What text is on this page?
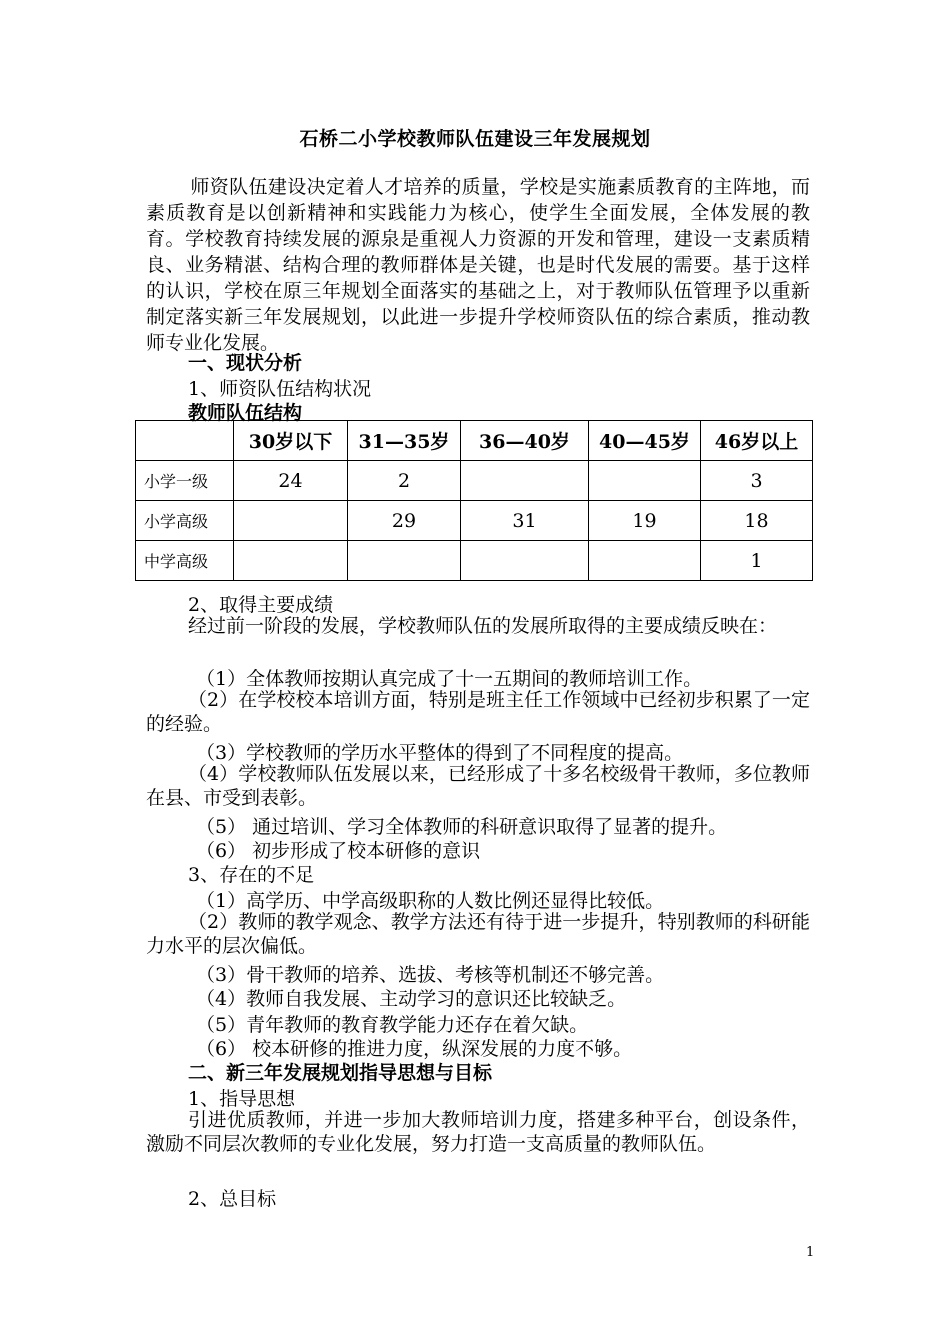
石桥二小学校教师队伍建设三年发展规划
师资队伍建设决定着人才培养的质量，学校是实施素质教育的主阵地，而素质教育是以创新精神和实践能力为核心，使学生全面发展，全体发展的教育。学校教育持续发展的源泉是重视人力资源的开发和管理，建设一支素质精良、业务精湛、结构合理的教师群体是关键，也是时代发展的需要。基于这样的认识，学校在原三年规划全面落实的基础之上，对于教师队伍管理予以重新制定落实新三年发展规划，以此进一步提升学校师资队伍的综合素质，推动教师专业化发展。
一、现状分析
1、师资队伍结构状况
教师队伍结构
	30岁以下	31—35岁	36—40岁	40—45岁	46岁以上
小学一级	24	2			3
小学高级		29	31	19	18
中学高级					1
2、取得主要成绩
经过前一阶段的发展，学校教师队伍的发展所取得的主要成绩反映在：
（1）全体教师按期认真完成了十一五期间的教师培训工作。
（2）在学校校本培训方面，特别是班主任工作领域中已经初步积累了一定的经验。
（3）学校教师的学历水平整体的得到了不同程度的提高。
（4）学校教师队伍发展以来，已经形成了十多名校级骨干教师，多位教师在县、市受到表彰。
（5） 通过培训、学习全体教师的科研意识取得了显著的提升。
（6） 初步形成了校本研修的意识
3、存在的不足
（1）高学历、中学高级职称的人数比例还显得比较低。
（2）教师的教学观念、教学方法还有待于进一步提升，特别教师的科研能力水平的层次偏低。
（3）骨干教师的培养、选拔、考核等机制还不够完善。
（4）教师自我发展、主动学习的意识还比较缺乏。
（5）青年教师的教育教学能力还存在着欠缺。
（6） 校本研修的推进力度，纵深发展的力度不够。
二、新三年发展规划指导思想与目标
1、指导思想
引进优质教师，并进一步加大教师培训力度，搭建多种平台，创设条件，激励不同层次教师的专业化发展，努力打造一支高质量的教师队伍。
2、总目标
1
